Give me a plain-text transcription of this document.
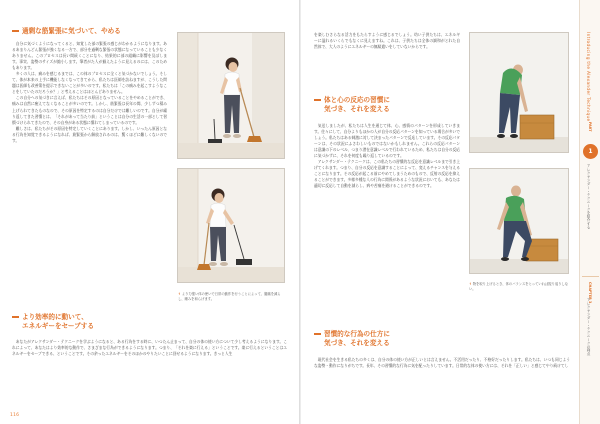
過剰な筋緊張に気づいて、やめる

自分に気づくようになってくると、知覚した部の緊張の感じがわかるようになります。あるあまりんどん緊張が強くなる一方で、部分を過剰な緊張の状態になっていることも少なくありません。このプロセスは長い間続くことになり、結果的に部の組織に影響を及ぼします。事実、姿勢のサイズが縮小します。筆者がた人が揃えたように見えるのには、このためもあります。

多くの人は、痛みを感じるまでは、この体のプロセスに全くと気づかないでしょう。そして、体が本来の上手に機能しなくなってきてから、私たちは医師を訪ねますが、こうした問題は医師も改善策を提示できないことが多いのです。私たちは「この痛みを起こすようなことをしていたのだろうか？」と考えることはほとんどありません。

この自分への気づきに言えば、私たちはその原因となっていることをやめることができ、痛みは自然に癒えてなくなることが多いのです。しかし、筋緊張は長年の間、少しずつ積み上げられてきたものなので、その原因を特定するのは自分だけでは難しいのです。自分が繰り返してきた習慣とは、「それがあって当たり前」ということは自分の生活の一部として習慣づけられてきたので、その自身がある状態に慣れてしまっているのです。

難しさは、私たちがその原因を特定していくことにあります。しかし、いったん原因となる行為を知覚できるようになれば、筋緊張から解放されるのは、驚くほどに難しくないのです。

より効率的に動いて、
エネルギーをセーブする

あなたがアレクサンダー・テクニークを学ぶようになると、ある行為をする時に、いつたん止まって、自分の体の使い方について少し考えるようになります。これによって、あなたはより効率的な動作で、さまざまな行為ができるようになります。つまり、「それを楽に行える」ということです。楽に行えるということはエネルギーをセーブできる、ということです。その余ったエネルギーをそのほかのやりたいことに回せるようになります。きっと人生

↑より力強い体の使いで日常の動作を行うことによって、腰痛を減らし、睡みを和らげます。
116

を楽しむさらなる活力をもたらすように感じるでしょう。幼い子供たちは、エネルギーに溢れるいくらでもなくに見えますね。これは、子供たちは全体の調和がとれた自然体で、大人のようにエネルギーの無駄遣いをしていないからです。

体と心の反応の習慣に
気づき、それを変える

気送しましたが、私たちは人生を通じて体、心、感情のパターンを形成していきます。往々にして、自分よりもほかの人が自分の反応パターンを知っている場合が多いでしょう。私たちはある刺激に対して決まったパターンで反応しています。その反応パターンは、その状況にふさわしいものではないかもしれません。これらの反応パターンは意識の下のレベル、つまり潜在意識レベルで行われているため、私たちは自分の反応に気づかずに、それを何度も繰り返しているのです。

アレクサンダー・テクニークは、この私たちの習慣的な反応を意識レベルまで引き上げてくれます。つまり、自分の反応を意識することによって、変えるチャンスを与えることになります。その反応が起こる前にやめてしまうためのもので、反射の反応を抑えることができます。多様多種な人の行為に関係があるような状況においても、あなたは適切に反応して自動を減らし、病や苦痛を避けることができるのです。

習慣的な行為の仕方に
気づき、それを変える

現代社会を生きる私たちの多くは、自分の体の使い方が正しいとは言えません。不活用だったり、不格好だったりします。私たちは、いつも同じような姿勢・動作になりがちです。長年、その習慣的な行為に気を配ったりしています。日常的な体の使い方には、それを「正しい」と感じてやり続けてし

↑物を取り上げるとき、体のバランスをとっていれば振り返りしない。
Introducing the Alexander Technique
PART
1
アレクサンダー・テクニークを紹介する
CHAPTER 3
アレクサンダー・テクニークの利点
